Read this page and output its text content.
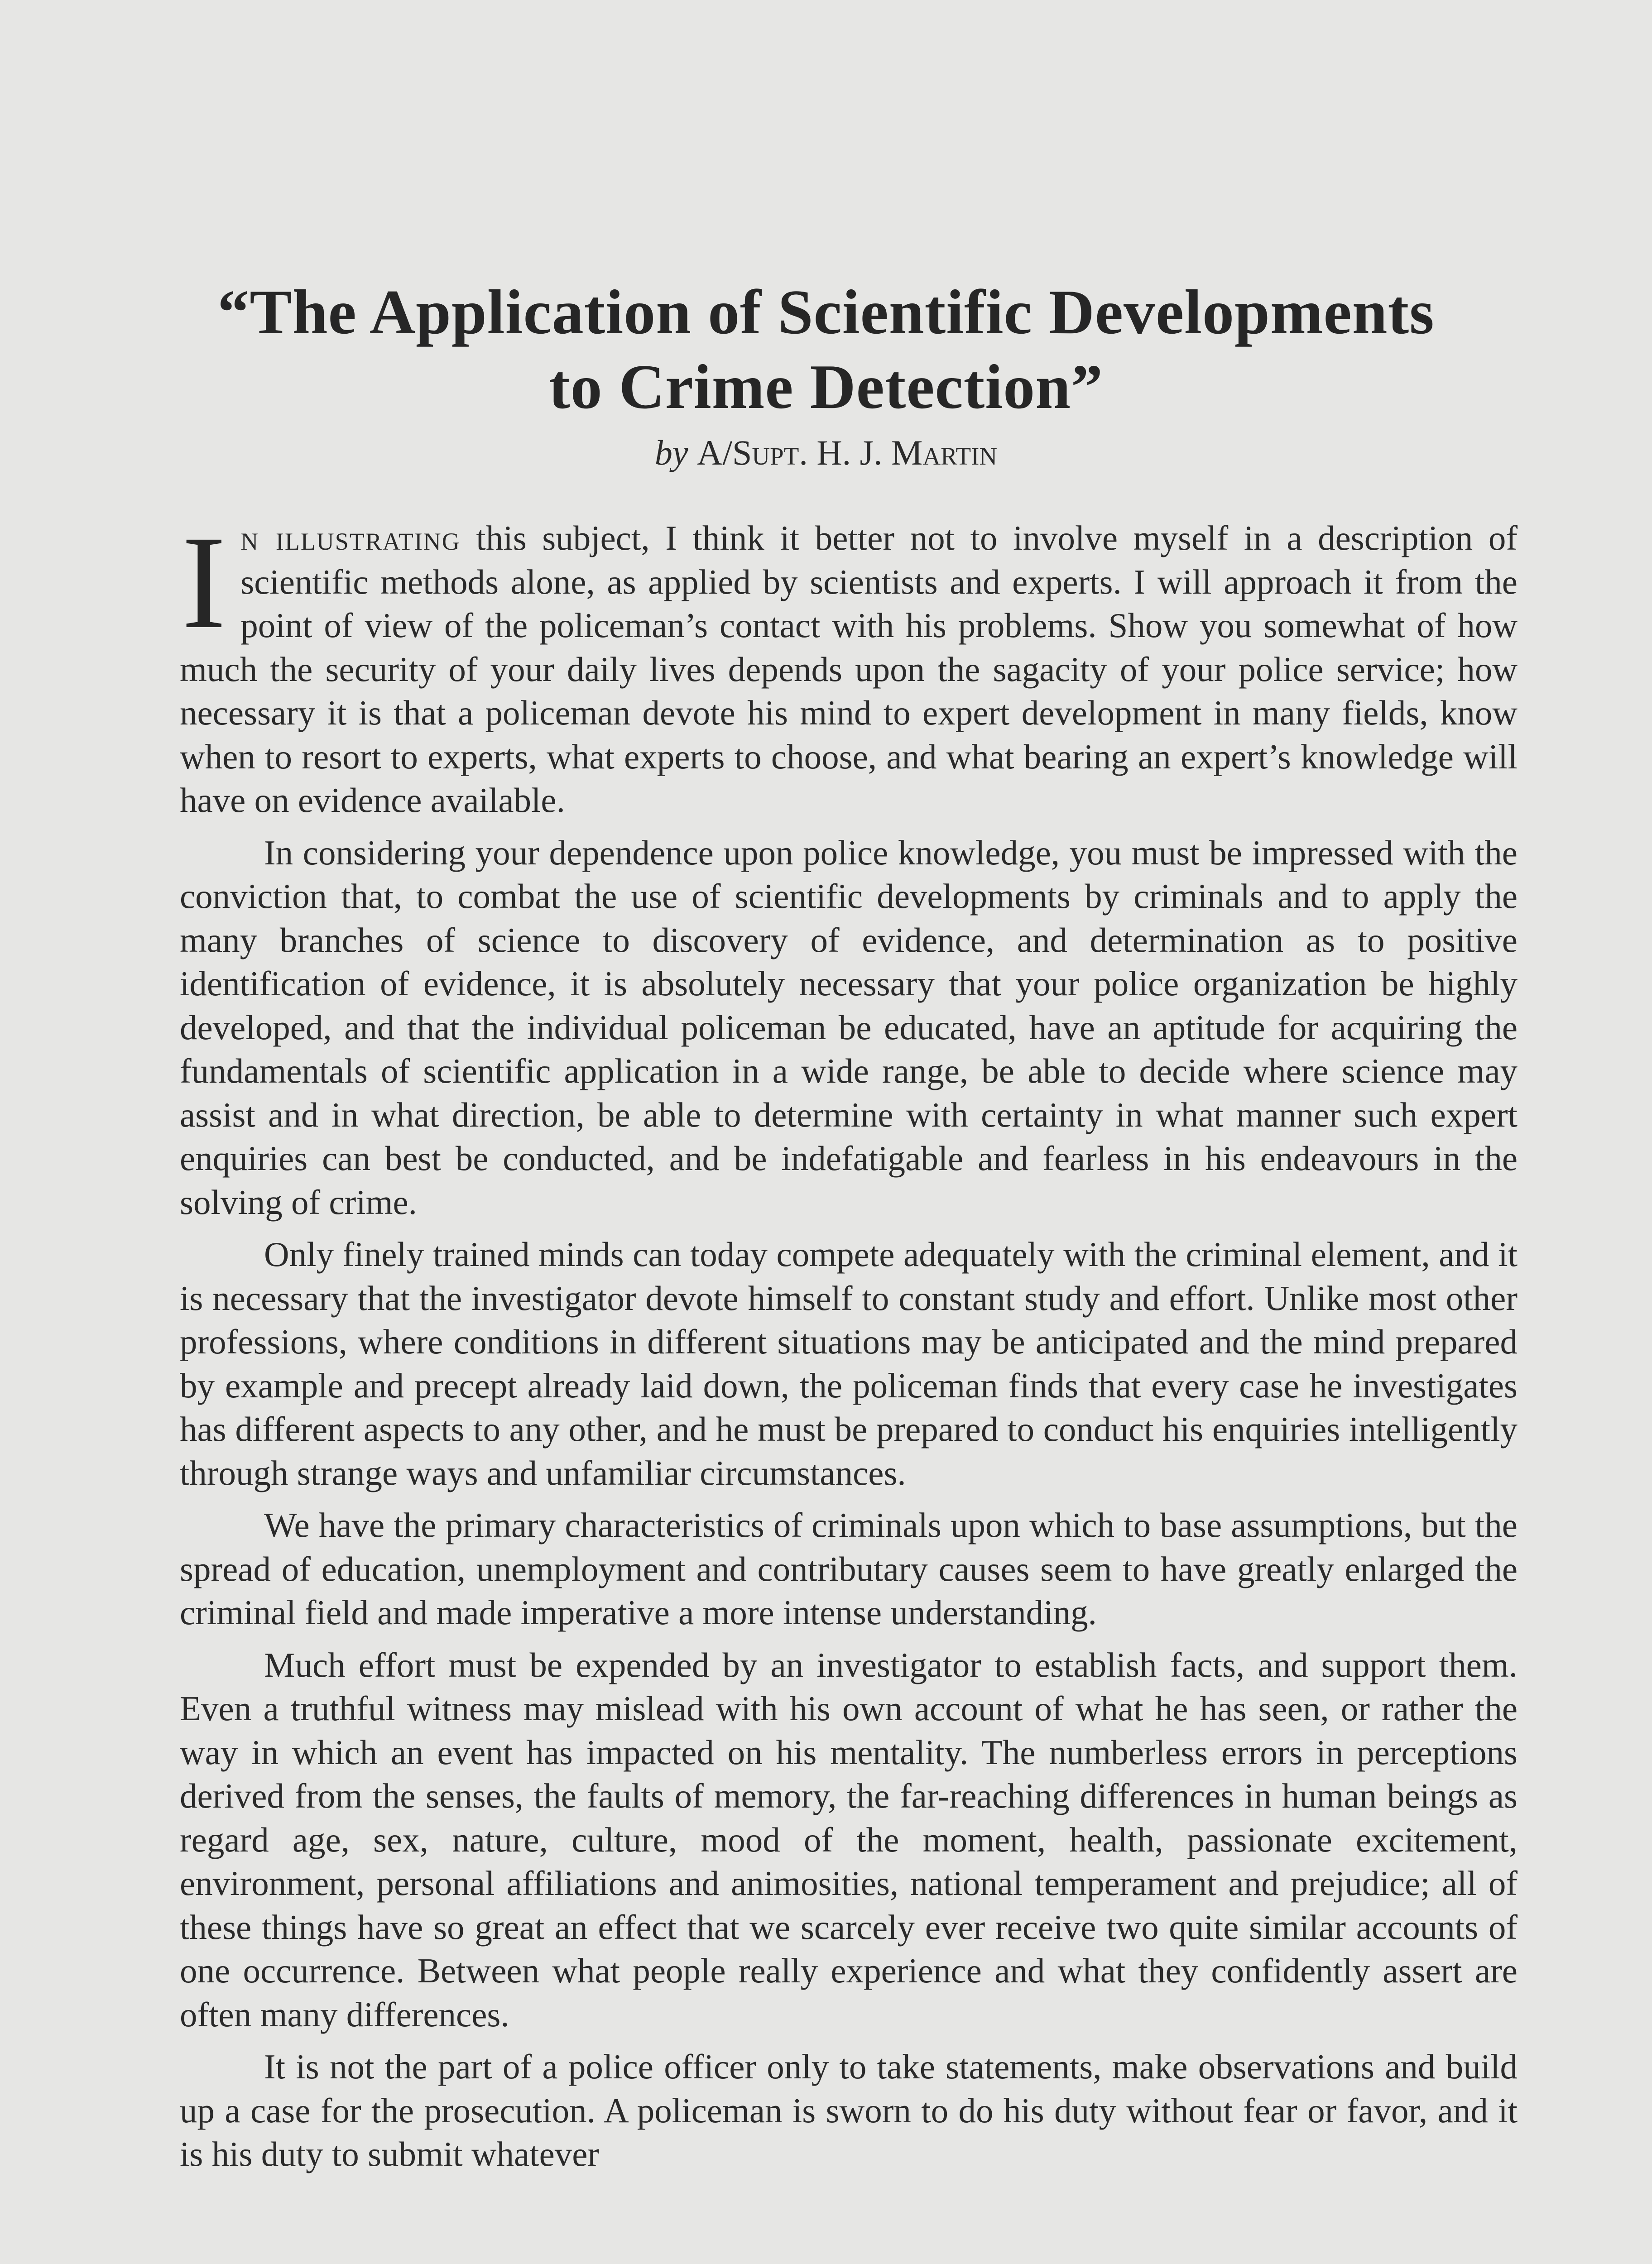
“The Application of Scientific Developments
to Crime Detection”
by A/Supt. H. J. Martin

In illustrating this subject, I think it better not to involve myself in a description of scientific methods alone, as applied by scientists and experts. I will approach it from the point of view of the policeman’s contact with his problems. Show you somewhat of how much the security of your daily lives depends upon the sagacity of your police service; how necessary it is that a policeman devote his mind to expert development in many fields, know when to resort to experts, what experts to choose, and what bearing an expert’s knowledge will have on evidence available.

In considering your dependence upon police knowledge, you must be impressed with the conviction that, to combat the use of scientific developments by criminals and to apply the many branches of science to discovery of evidence, and determination as to positive identification of evidence, it is absolutely necessary that your police organization be highly developed, and that the individual policeman be educated, have an aptitude for acquiring the fundamentals of scientific application in a wide range, be able to decide where science may assist and in what direction, be able to determine with certainty in what manner such expert enquiries can best be conducted, and be indefatigable and fearless in his endeavours in the solving of crime.

Only finely trained minds can today compete adequately with the criminal element, and it is necessary that the investigator devote himself to constant study and effort. Unlike most other professions, where conditions in different situations may be anticipated and the mind prepared by example and precept already laid down, the policeman finds that every case he investigates has different aspects to any other, and he must be prepared to conduct his enquiries intelligently through strange ways and unfamiliar circumstances.

We have the primary characteristics of criminals upon which to base assumptions, but the spread of education, unemployment and contributary causes seem to have greatly enlarged the criminal field and made imperative a more intense understanding.

Much effort must be expended by an investigator to establish facts, and support them. Even a truthful witness may mislead with his own account of what he has seen, or rather the way in which an event has impacted on his mentality. The numberless errors in perceptions derived from the senses, the faults of memory, the far-reaching differences in human beings as regard age, sex, nature, culture, mood of the moment, health, passionate excitement, environment, personal affiliations and animosities, national temperament and prejudice; all of these things have so great an effect that we scarcely ever receive two quite similar accounts of one occurrence. Between what people really experience and what they confidently assert are often many differences.

It is not the part of a police officer only to take statements, make observations and build up a case for the prosecution. A policeman is sworn to do his duty without fear or favor, and it is his duty to submit whatever
